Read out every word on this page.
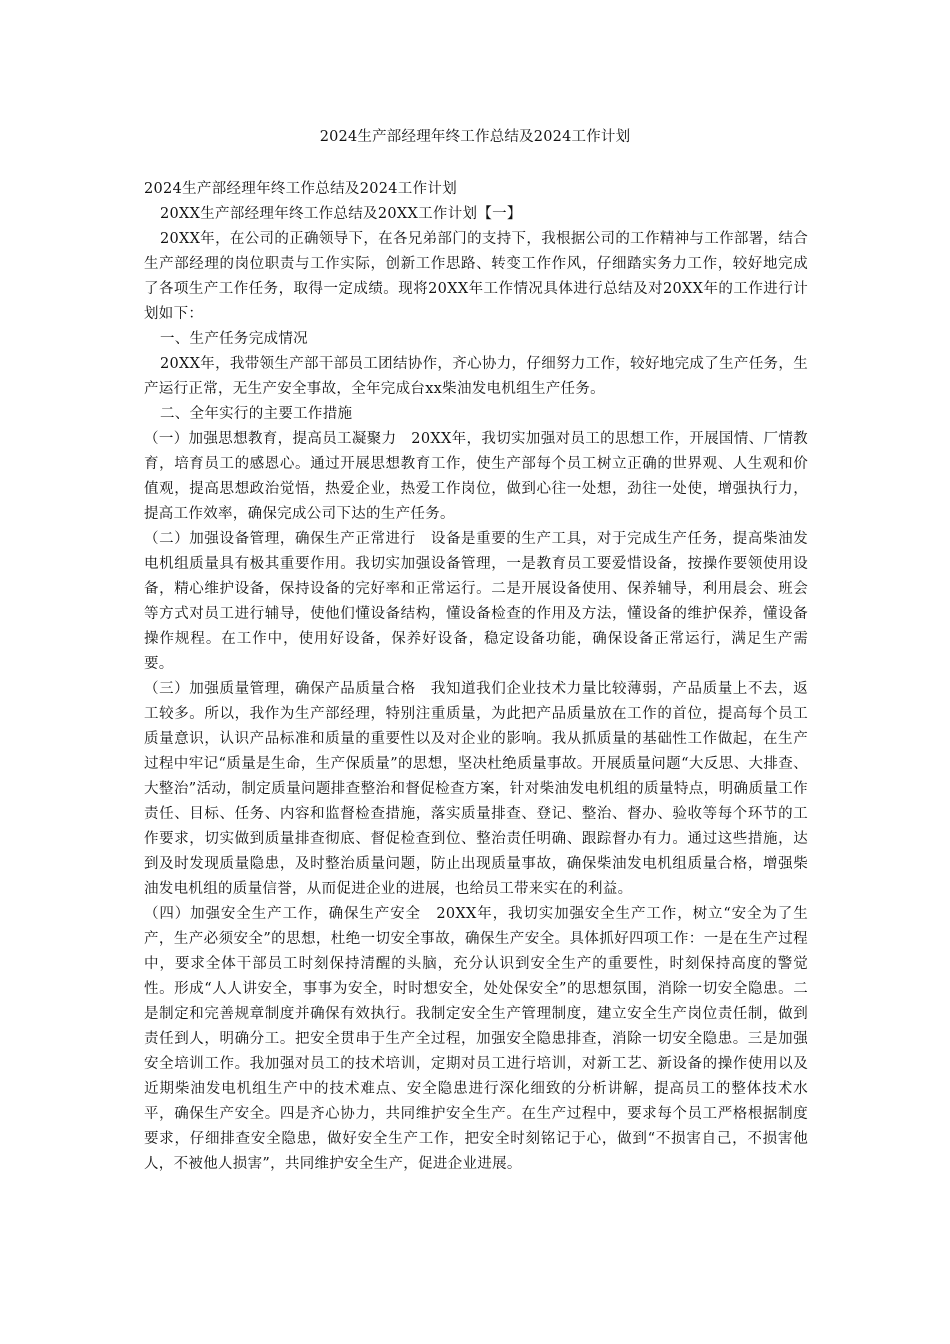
2024生产部经理年终工作总结及2024工作计划

2024生产部经理年终工作总结及2024工作计划

20XX生产部经理年终工作总结及20XX工作计划【一】

20XX年，在公司的正确领导下，在各兄弟部门的支持下，我根据公司的工作精神与工作部署，结合生产部经理的岗位职责与工作实际，创新工作思路、转变工作作风，仔细踏实务力工作，较好地完成了各项生产工作任务，取得一定成绩。现将20XX年工作情况具体进行总结及对20XX年的工作进行计划如下：

一、生产任务完成情况

20XX年，我带领生产部干部员工团结协作，齐心协力，仔细努力工作，较好地完成了生产任务，生产运行正常，无生产安全事故，全年完成台xx柴油发电机组生产任务。

二、全年实行的主要工作措施

（一）加强思想教育，提高员工凝聚力　20XX年，我切实加强对员工的思想工作，开展国情、厂情教育，培育员工的感恩心。通过开展思想教育工作，使生产部每个员工树立正确的世界观、人生观和价值观，提高思想政治觉悟，热爱企业，热爱工作岗位，做到心往一处想，劲往一处使，增强执行力，提高工作效率，确保完成公司下达的生产任务。

（二）加强设备管理，确保生产正常进行　设备是重要的生产工具，对于完成生产任务，提高柴油发电机组质量具有极其重要作用。我切实加强设备管理，一是教育员工要爱惜设备，按操作要领使用设备，精心维护设备，保持设备的完好率和正常运行。二是开展设备使用、保养辅导，利用晨会、班会等方式对员工进行辅导，使他们懂设备结构，懂设备检查的作用及方法，懂设备的维护保养，懂设备操作规程。在工作中，使用好设备，保养好设备，稳定设备功能，确保设备正常运行，满足生产需要。

（三）加强质量管理，确保产品质量合格　我知道我们企业技术力量比较薄弱，产品质量上不去，返工较多。所以，我作为生产部经理，特别注重质量，为此把产品质量放在工作的首位，提高每个员工质量意识，认识产品标准和质量的重要性以及对企业的影响。我从抓质量的基础性工作做起，在生产过程中牢记“质量是生命，生产保质量”的思想，坚决杜绝质量事故。开展质量问题“大反思、大排查、大整治”活动，制定质量问题排查整治和督促检查方案，针对柴油发电机组的质量特点，明确质量工作责任、目标、任务、内容和监督检查措施，落实质量排查、登记、整治、督办、验收等每个环节的工作要求，切实做到质量排查彻底、督促检查到位、整治责任明确、跟踪督办有力。通过这些措施，达到及时发现质量隐患，及时整治质量问题，防止出现质量事故，确保柴油发电机组质量合格，增强柴油发电机组的质量信誉，从而促进企业的进展，也给员工带来实在的利益。

（四）加强安全生产工作，确保生产安全　20XX年，我切实加强安全生产工作，树立“安全为了生产，生产必须安全”的思想，杜绝一切安全事故，确保生产安全。具体抓好四项工作：一是在生产过程中，要求全体干部员工时刻保持清醒的头脑，充分认识到安全生产的重要性，时刻保持高度的警觉性。形成“人人讲安全，事事为安全，时时想安全，处处保安全”的思想氛围，消除一切安全隐患。二是制定和完善规章制度并确保有效执行。我制定安全生产管理制度，建立安全生产岗位责任制，做到责任到人，明确分工。把安全贯串于生产全过程，加强安全隐患排查，消除一切安全隐患。三是加强安全培训工作。我加强对员工的技术培训，定期对员工进行培训，对新工艺、新设备的操作使用以及近期柴油发电机组生产中的技术难点、安全隐患进行深化细致的分析讲解，提高员工的整体技术水平，确保生产安全。四是齐心协力，共同维护安全生产。在生产过程中，要求每个员工严格根据制度要求，仔细排查安全隐患，做好安全生产工作，把安全时刻铭记于心，做到“不损害自己，不损害他人，不被他人损害”，共同维护安全生产，促进企业进展。
